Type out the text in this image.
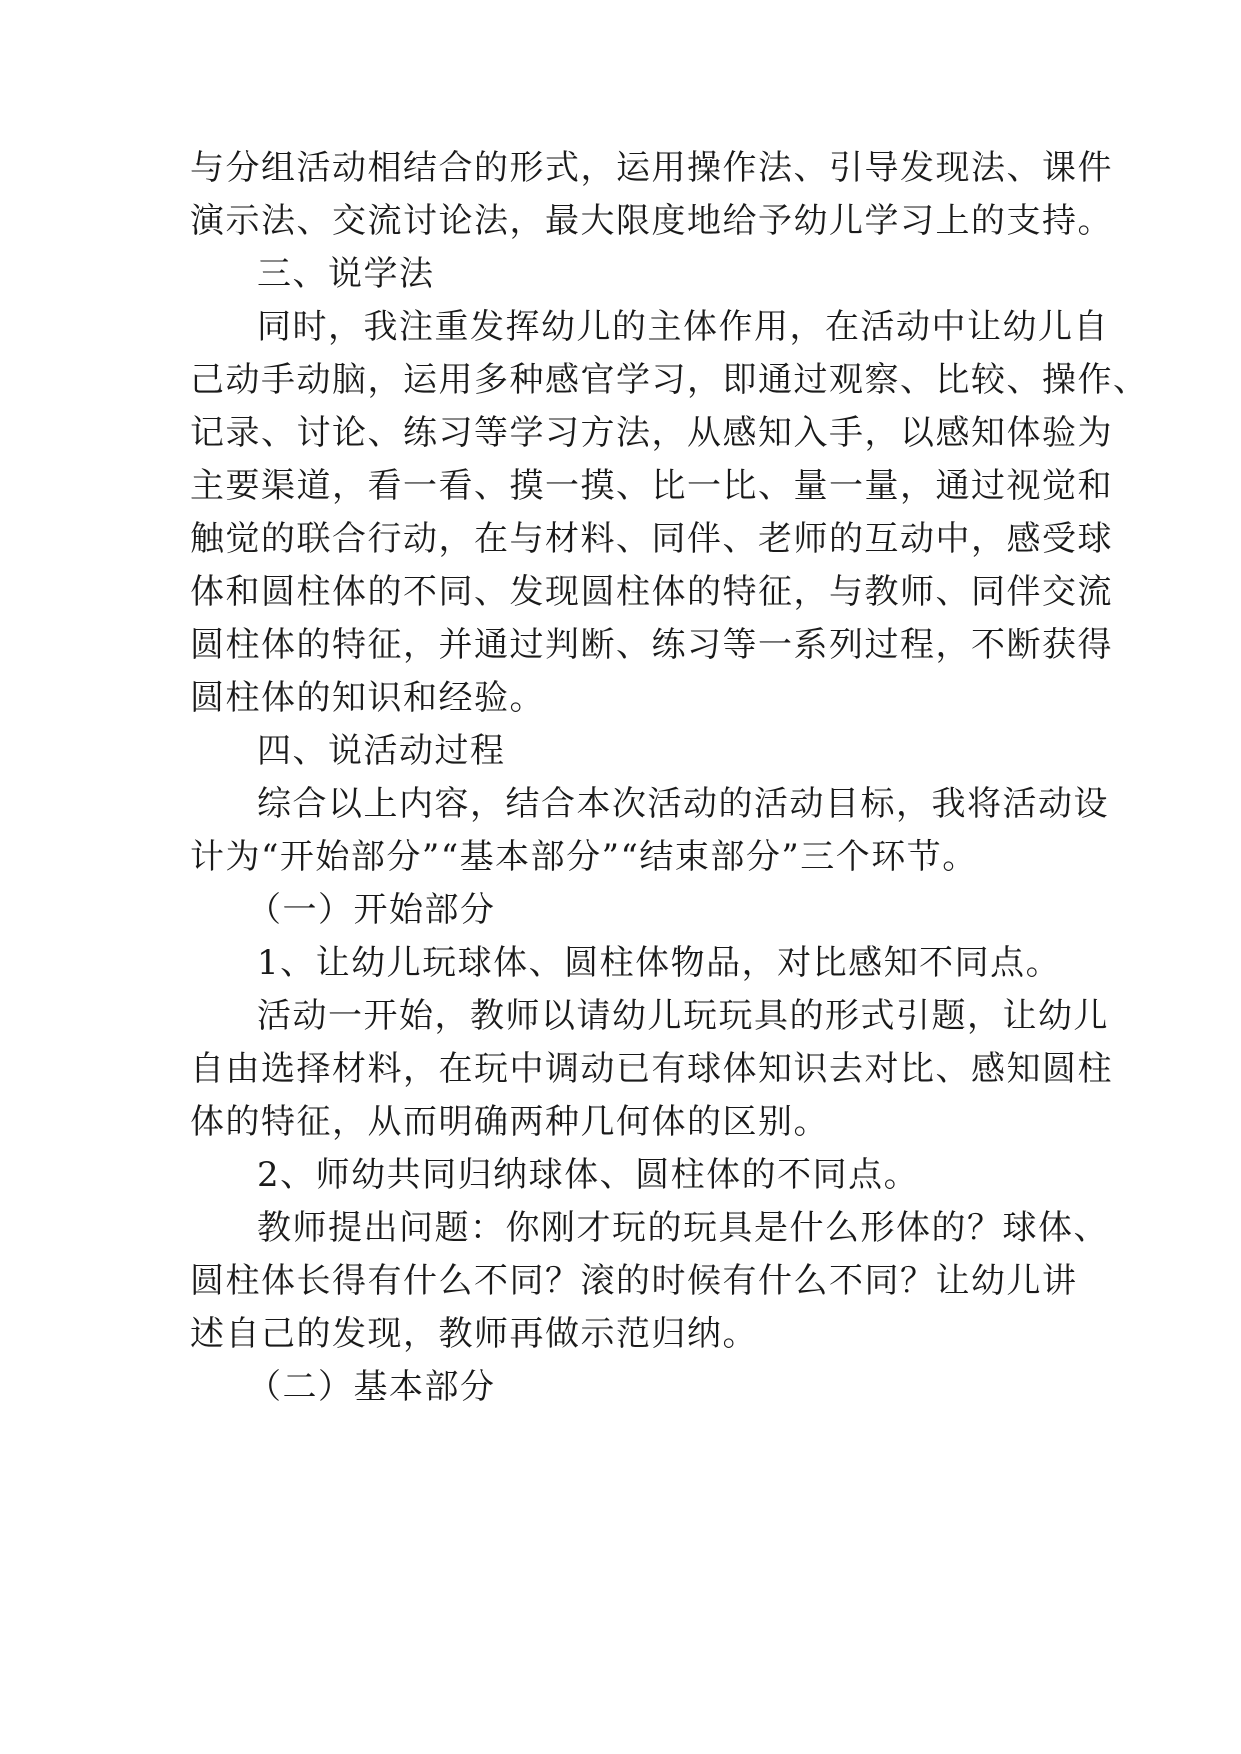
与分组活动相结合的形式，运用操作法、引导发现法、课件
演示法、交流讨论法，最大限度地给予幼儿学习上的支持。
三、说学法
同时，我注重发挥幼儿的主体作用，在活动中让幼儿自
己动手动脑，运用多种感官学习，即通过观察、比较、操作、
记录、讨论、练习等学习方法，从感知入手，以感知体验为
主要渠道，看一看、摸一摸、比一比、量一量，通过视觉和
触觉的联合行动，在与材料、同伴、老师的互动中，感受球
体和圆柱体的不同、发现圆柱体的特征，与教师、同伴交流
圆柱体的特征，并通过判断、练习等一系列过程，不断获得
圆柱体的知识和经验。
四、说活动过程
综合以上内容，结合本次活动的活动目标，我将活动设
计为“开始部分”“基本部分”“结束部分”三个环节。
（一）开始部分
1、让幼儿玩球体、圆柱体物品，对比感知不同点。
活动一开始，教师以请幼儿玩玩具的形式引题，让幼儿
自由选择材料，在玩中调动已有球体知识去对比、感知圆柱
体的特征，从而明确两种几何体的区别。
2、师幼共同归纳球体、圆柱体的不同点。
教师提出问题：你刚才玩的玩具是什么形体的？球体、
圆柱体长得有什么不同？滚的时候有什么不同？让幼儿讲
述自己的发现，教师再做示范归纳。
（二）基本部分
